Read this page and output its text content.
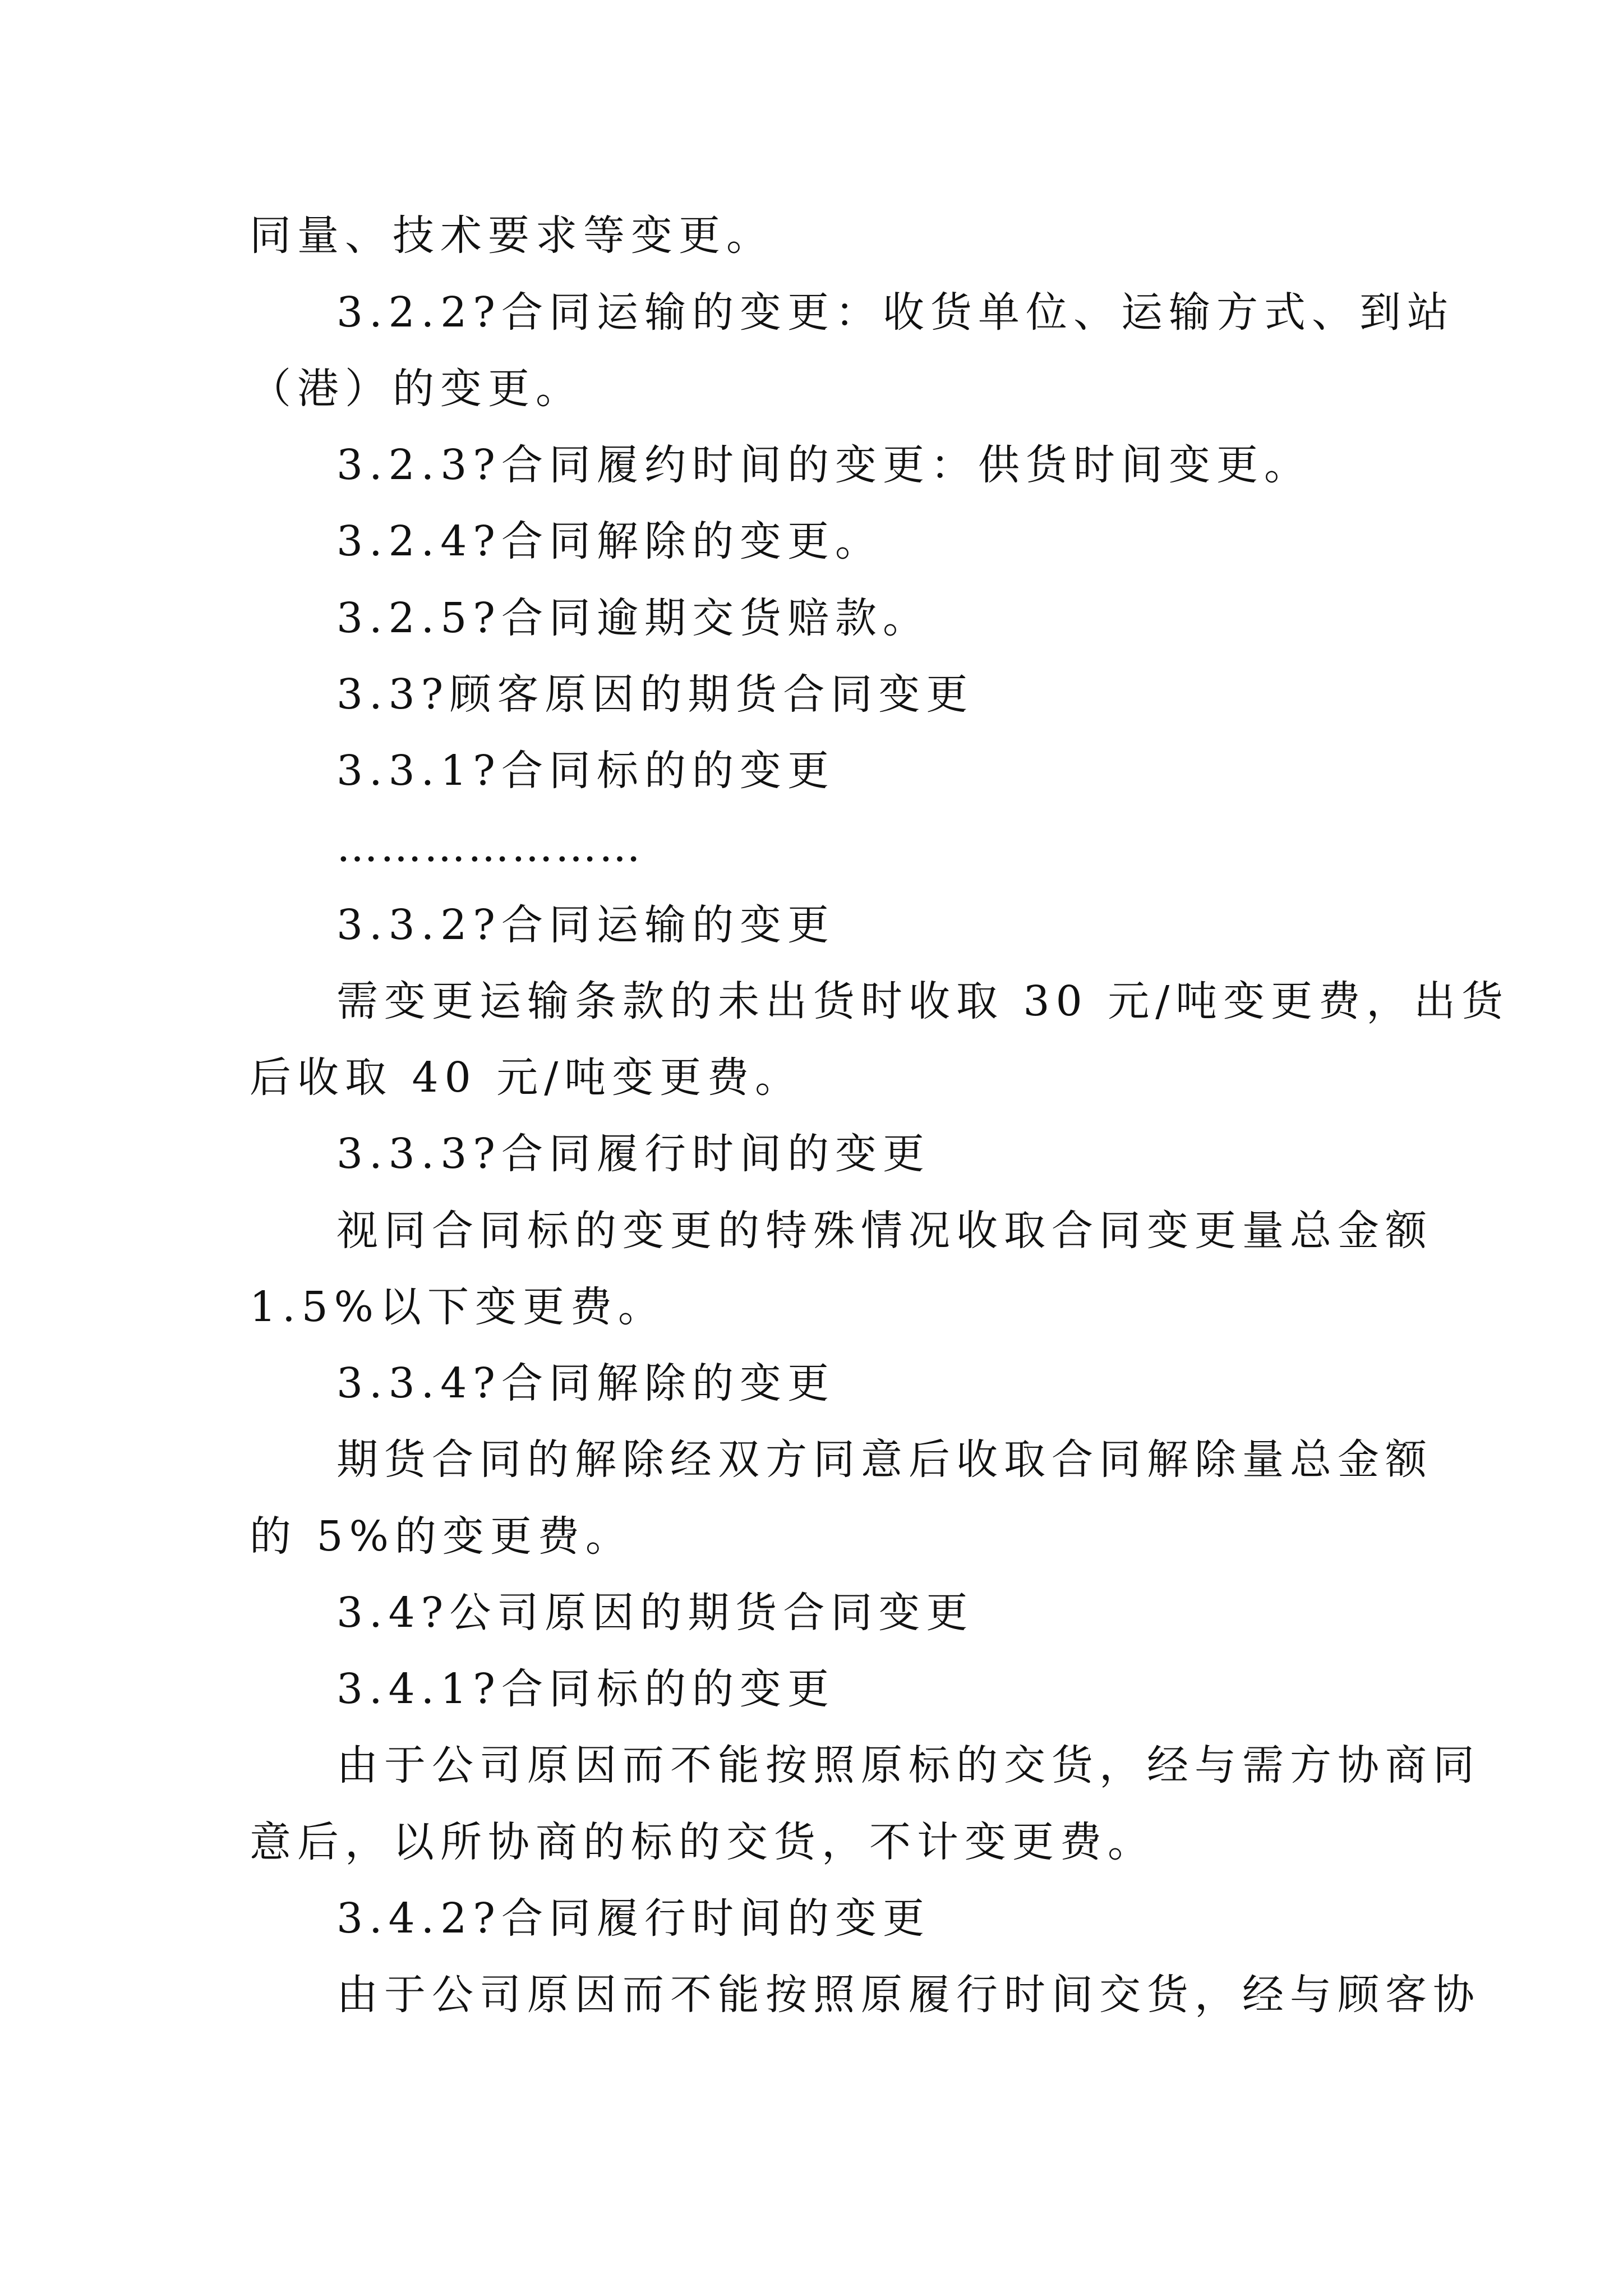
同量、技术要求等变更。

3.2.2?合同运输的变更：收货单位、运输方式、到站

（港）的变更。

3.2.3?合同履约时间的变更：供货时间变更。

3.2.4?合同解除的变更。

3.2.5?合同逾期交货赔款。

3.3?顾客原因的期货合同变更

3.3.1?合同标的的变更

…………………

3.3.2?合同运输的变更

需变更运输条款的未出货时收取 30 元/吨变更费，出货

后收取 40 元/吨变更费。

3.3.3?合同履行时间的变更

视同合同标的变更的特殊情况收取合同变更量总金额

1.5%以下变更费。

3.3.4?合同解除的变更

期货合同的解除经双方同意后收取合同解除量总金额

的 5%的变更费。

3.4?公司原因的期货合同变更

3.4.1?合同标的的变更

由于公司原因而不能按照原标的交货，经与需方协商同

意后，以所协商的标的交货，不计变更费。

3.4.2?合同履行时间的变更

由于公司原因而不能按照原履行时间交货，经与顾客协
